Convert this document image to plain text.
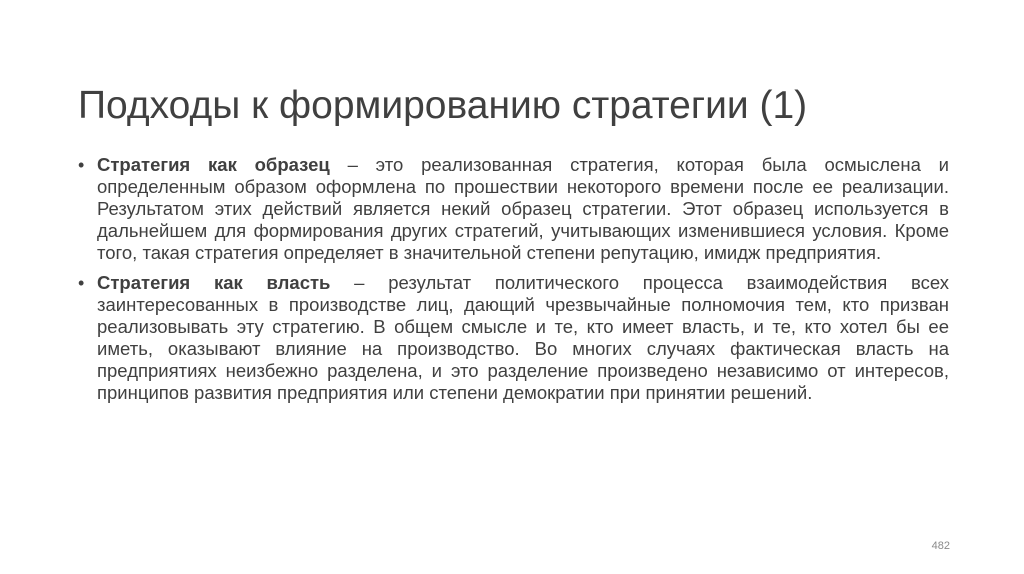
Подходы к формированию стратегии (1)
• Стратегия как образец – это реализованная стратегия, которая была осмыслена и определенным образом оформлена по прошествии некоторого времени после ее реализации. Результатом этих действий является некий образец стратегии. Этот образец используется в дальнейшем для формирования других стратегий, учитывающих изменившиеся условия. Кроме того, такая стратегия определяет в значительной степени репутацию, имидж предприятия.
• Стратегия как власть – результат политического процесса взаимодействия всех заинтересованных в производстве лиц, дающий чрезвычайные полномочия тем, кто призван реализовывать эту стратегию. В общем смысле и те, кто имеет власть, и те, кто хотел бы ее иметь, оказывают влияние на производство. Во многих случаях фактическая власть на предприятиях неизбежно разделена, и это разделение произведено независимо от интересов, принципов развития предприятия или степени демократии при принятии решений.
482
